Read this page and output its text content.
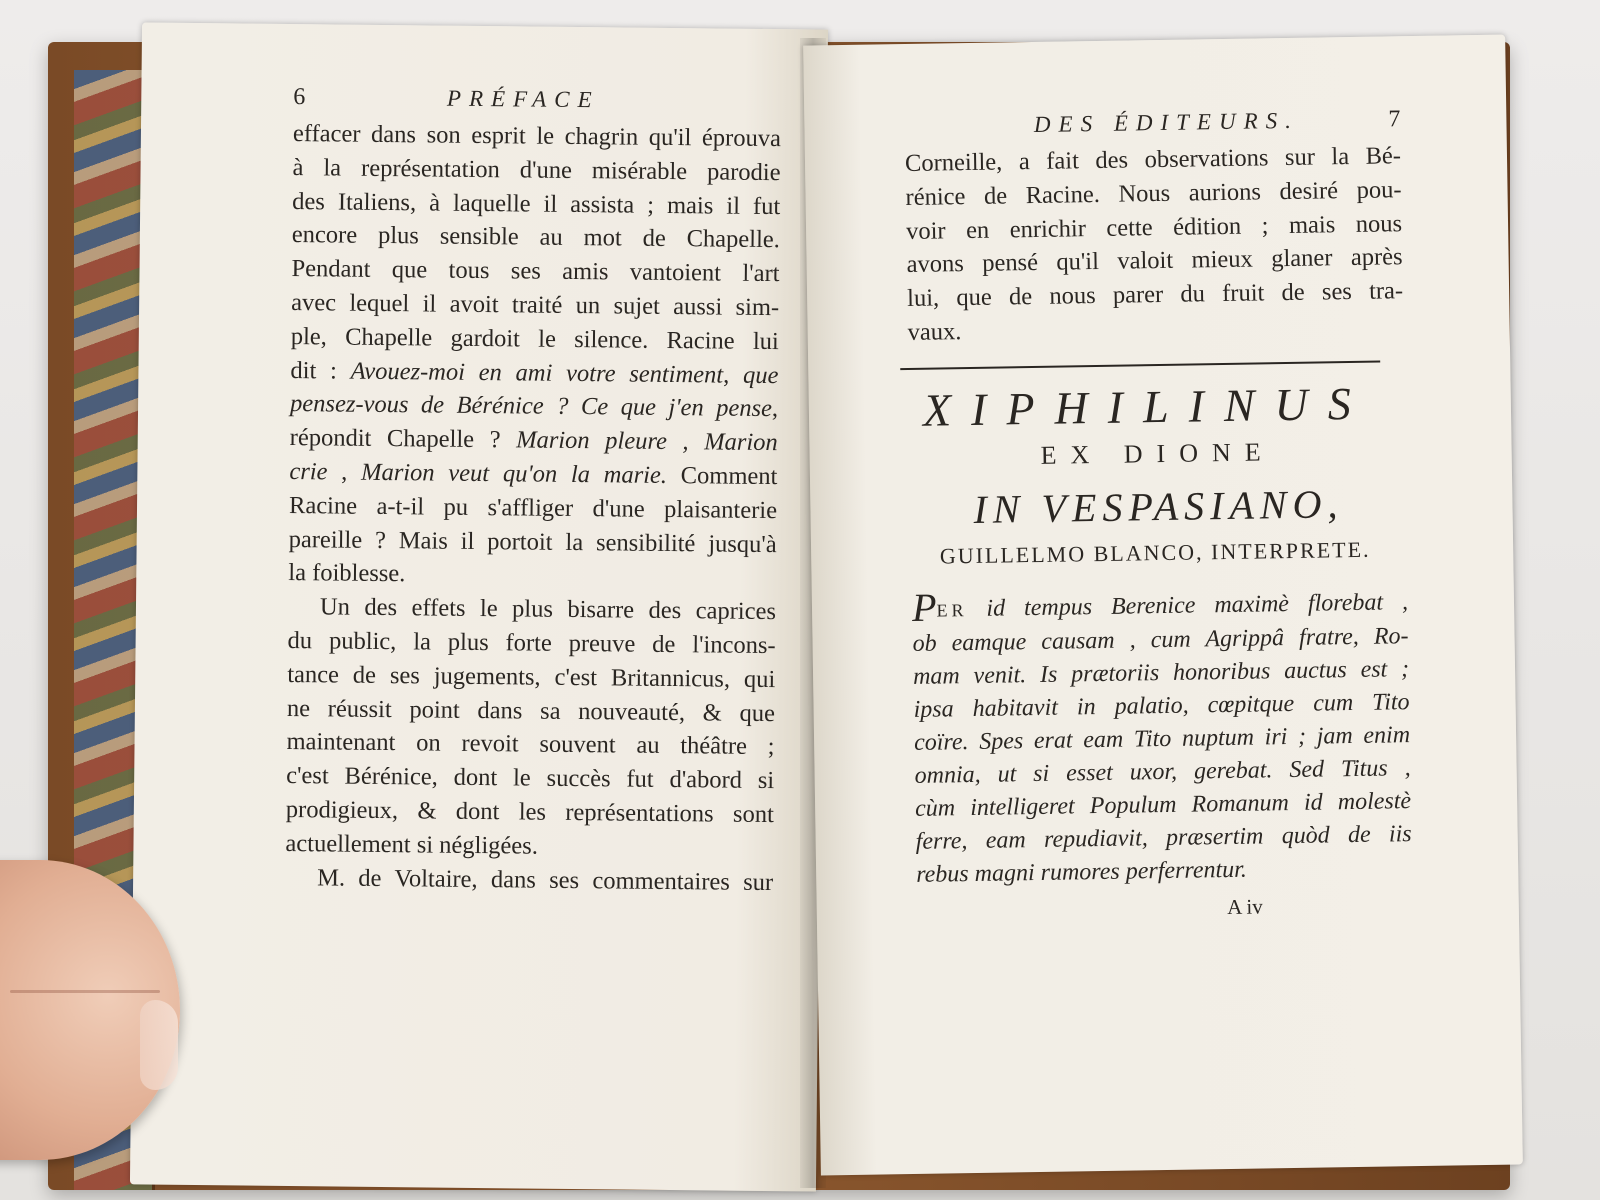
6	PRÉFACE
effacer dans son esprit le chagrin qu'il éprouva
à la représentation d'une misérable parodie
des Italiens, à laquelle il assista ; mais il fut
encore plus sensible au mot de Chapelle.
Pendant que tous ses amis vantoient l'art
avec lequel il avoit traité un sujet aussi sim-
ple, Chapelle gardoit le silence. Racine lui
dit : Avouez-moi en ami votre sentiment, que
pensez-vous de Bérénice ? Ce que j'en pense,
répondit Chapelle ? Marion pleure , Marion
crie , Marion veut qu'on la marie. Comment
Racine a-t-il pu s'affliger d'une plaisanterie
pareille ? Mais il portoit la sensibilité jusqu'à
la foiblesse.
Un des effets le plus bisarre des caprices
du public, la plus forte preuve de l'incons-
tance de ses jugements, c'est Britannicus, qui
ne réussit point dans sa nouveauté, & que
maintenant on revoit souvent au théâtre ;
c'est Bérénice, dont le succès fut d'abord si
prodigieux, & dont les représentations sont
actuellement si négligées.
M. de Voltaire, dans ses commentaires sur
DES ÉDITEURS.	7
Corneille, a fait des observations sur la Bé-
rénice de Racine. Nous aurions desiré pou-
voir en enrichir cette édition ; mais nous
avons pensé qu'il valoit mieux glaner après
lui, que de nous parer du fruit de ses tra-
vaux.
XIPHILINUS
EX DIONE
IN VESPASIANO,
GUILLELMO BLANCO, INTERPRETE.
PER id tempus Berenice maximè florebat ,
ob eamque causam , cum Agrippâ fratre, Ro-
mam venit. Is prætoriis honoribus auctus est ;
ipsa habitavit in palatio, cœpitque cum Tito
coïre. Spes erat eam Tito nuptum iri ; jam enim
omnia, ut si esset uxor, gerebat. Sed Titus ,
cùm intelligeret Populum Romanum id molestè
ferre, eam repudiavit, præsertim quòd de iis
rebus magni rumores perferrentur.
A iv
